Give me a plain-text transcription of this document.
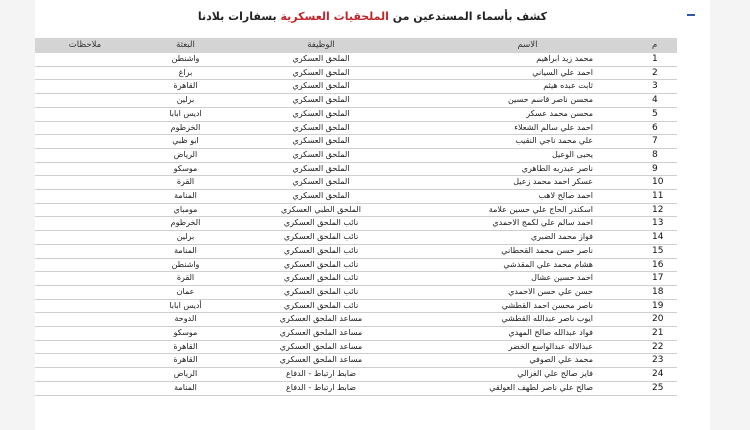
كشف بأسماء المستدعين من الملحقيات العسكرية بسفارات بلادنا
م	الاسم	الوظيفة	البعثة	ملاحظات
1	محمد زيد ابراهيم	الملحق العسكري	واشنطن	
2	احمد علي السياني	الملحق العسكري	براغ	
3	ثابت عبده هيثم	الملحق العسكري	القاهرة	
4	محسن ناصر قاسم حسين	الملحق العسكري	برلين	
5	محسن محمد عسكر	الملحق العسكري	اديس ابابا	
6	احمد علي سالم الشعلاء	الملحق العسكري	الخرطوم	
7	علي محمد ناجي النقيب	الملحق العسكري	ابو ظبي	
8	يحيى الوعيل	الملحق العسكري	الرياض	
9	ناصر عبدربه الطاهري	الملحق العسكري	موسكو	
10	عسكر احمد محمد زعيل	الملحق العسكري	القرة	
11	احمد صالح لاهب	الملحق العسكري	المنامة	
12	اسكندر الحاج علي حسين علامة	الملحق الطبي العسكري	مومباي	
13	احمد سالم علي لكمج الاحمدي	نائب الملحق العسكري	الخرطوم	
14	فواز محمد الضبري	نائب الملحق العسكري	برلين	
15	ناصر حسن محمد القحطاني	نائب الملحق العسكري	المنامة	
16	هشام محمد علي المقدشي	نائب الملحق العسكري	واشنطن	
17	احمد حسين عشال	نائب الملحق العسكري	القرة	
18	حسن علي حسن الاحمدي	نائب الملحق العسكري	عمان	
19	ناصر محسن احمد القطشي	نائب الملحق العسكري	أديس ابابا	
20	ايوب ناصر عبدالله القطشي	مساعد الملحق العسكري	الدوحة	
21	فواد عبدالله صالح المهدي	مساعد الملحق العسكري	موسكو	
22	عبدالاله عبدالواسع الخضر	مساعد الملحق العسكري	القاهرة	
23	محمد علي الصوفي	مساعد الملحق العسكري	القاهرة	
24	فايز صالح علي الغزالي	ضابط ارتباط - الدفاع	الرياض	
25	صالح علي ناصر لطهف العولقي	ضابط ارتباط - الدفاع	المنامة	
